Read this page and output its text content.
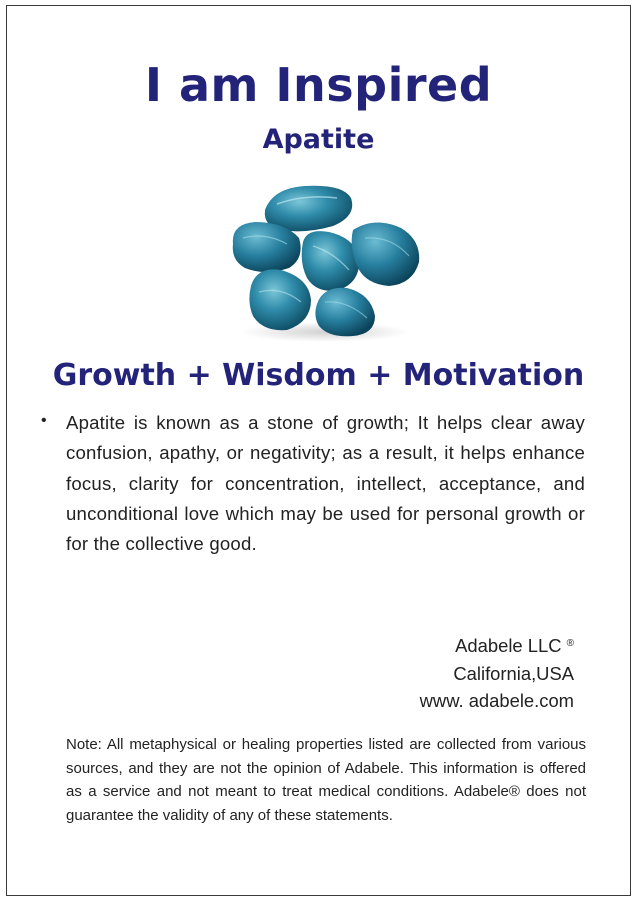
I am Inspired
Apatite
Growth + Wisdom + Motivation
• Apatite is known as a stone of growth; It helps clear away confusion, apathy, or negativity; as a result, it helps enhance focus, clarity for concentration, intellect, acceptance, and unconditional love which may be used for personal growth or for the collective good.

Adabele LLC ®
California,USA
www. adabele.com

Note: All metaphysical or healing properties listed are collected from various sources, and they are not the opinion of Adabele. This information is offered as a service and not meant to treat medical conditions. Adabele® does not guarantee the validity of any of these statements.
